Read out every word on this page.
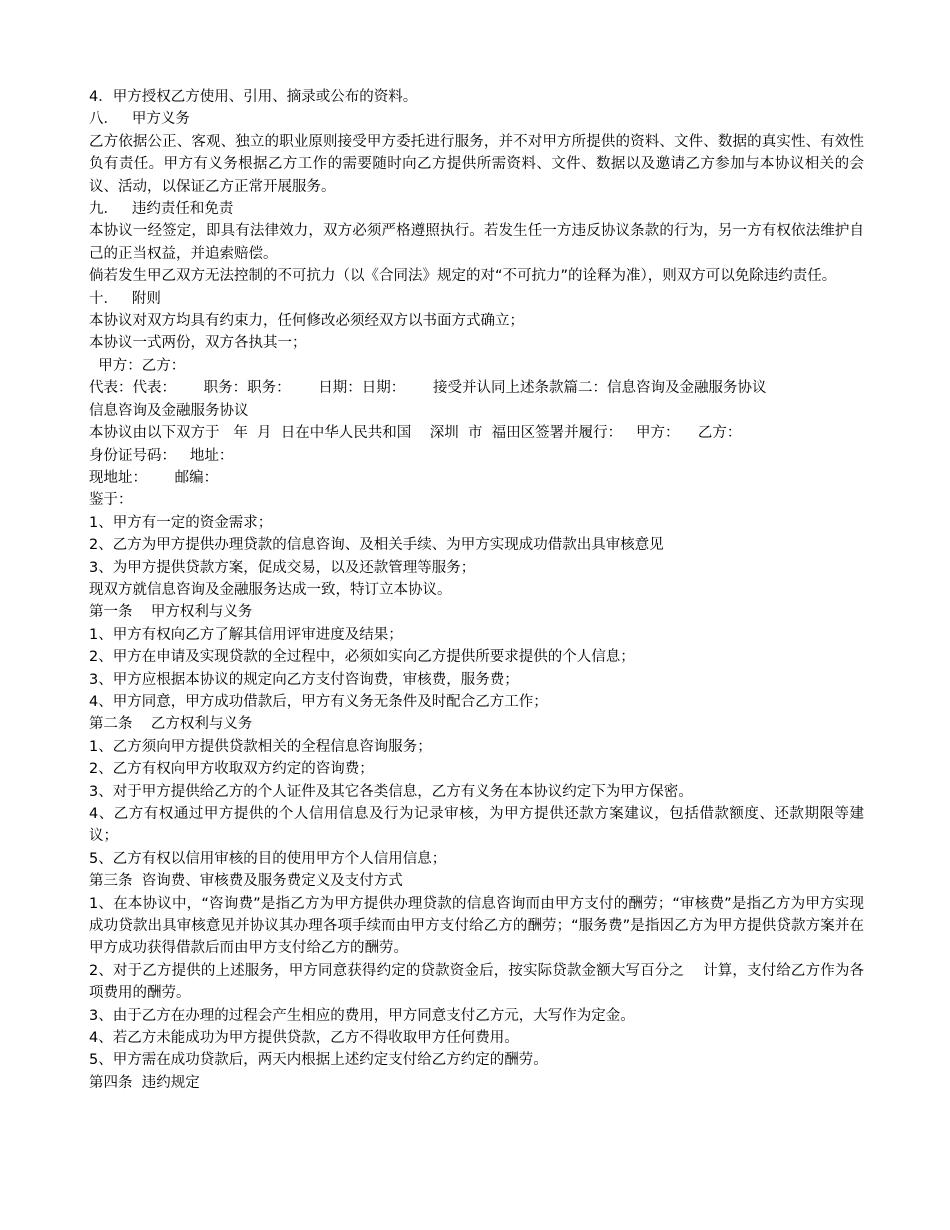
4．甲方授权乙方使用、引用、摘录或公布的资料。
八．   甲方义务
乙方依据公正、客观、独立的职业原则接受甲方委托进行服务，并不对甲方所提供的资料、文件、数据的真实性、有效性负有责任。甲方有义务根据乙方工作的需要随时向乙方提供所需资料、文件、数据以及邀请乙方参加与本协议相关的会议、活动，以保证乙方正常开展服务。
九．   违约责任和免责
本协议一经签定，即具有法律效力，双方必须严格遵照执行。若发生任一方违反协议条款的行为，另一方有权依法维护自己的正当权益，并追索赔偿。
倘若发生甲乙双方无法控制的不可抗力（以《合同法》规定的对“不可抗力”的诠释为准），则双方可以免除违约责任。
十．   附则
本协议对双方均具有约束力，任何修改必须经双方以书面方式确立；
本协议一式两份，双方各执其一；
甲方：乙方：
代表：代表：      职务：职务：      日期：日期：      接受并认同上述条款篇二：信息咨询及金融服务协议
信息咨询及金融服务协议
本协议由以下双方于   年  月  日在中华人民共和国    深圳  市  福田区签署并履行：   甲方：    乙方：
身份证号码：   地址：
现地址：      邮编：
鉴于：
1、甲方有一定的资金需求；
2、乙方为甲方提供办理贷款的信息咨询、及相关手续、为甲方实现成功借款出具审核意见
3、为甲方提供贷款方案，促成交易，以及还款管理等服务；
现双方就信息咨询及金融服务达成一致，特订立本协议。
第一条    甲方权利与义务
1、甲方有权向乙方了解其信用评审进度及结果；
2、甲方在申请及实现贷款的全过程中，必须如实向乙方提供所要求提供的个人信息；
3、甲方应根据本协议的规定向乙方支付咨询费，审核费，服务费；
4、甲方同意，甲方成功借款后，甲方有义务无条件及时配合乙方工作；
第二条    乙方权利与义务
1、乙方须向甲方提供贷款相关的全程信息咨询服务；
2、乙方有权向甲方收取双方约定的咨询费；
3、对于甲方提供给乙方的个人证件及其它各类信息，乙方有义务在本协议约定下为甲方保密。
4、乙方有权通过甲方提供的个人信用信息及行为记录审核，为甲方提供还款方案建议，包括借款额度、还款期限等建议；
5、乙方有权以信用审核的目的使用甲方个人信用信息；
第三条  咨询费、审核费及服务费定义及支付方式
1、在本协议中，“咨询费”是指乙方为甲方提供办理贷款的信息咨询而由甲方支付的酬劳；“审核费”是指乙方为甲方实现成功贷款出具审核意见并协议其办理各项手续而由甲方支付给乙方的酬劳；“服务费”是指因乙方为甲方提供贷款方案并在甲方成功获得借款后而由甲方支付给乙方的酬劳。
2、对于乙方提供的上述服务，甲方同意获得约定的贷款资金后，按实际贷款金额大写百分之    计算，支付给乙方作为各项费用的酬劳。
3、由于乙方在办理的过程会产生相应的费用，甲方同意支付乙方元，大写作为定金。
4、若乙方未能成功为甲方提供贷款，乙方不得收取甲方任何费用。
5、甲方需在成功贷款后，两天内根据上述约定支付给乙方约定的酬劳。
第四条  违约规定
